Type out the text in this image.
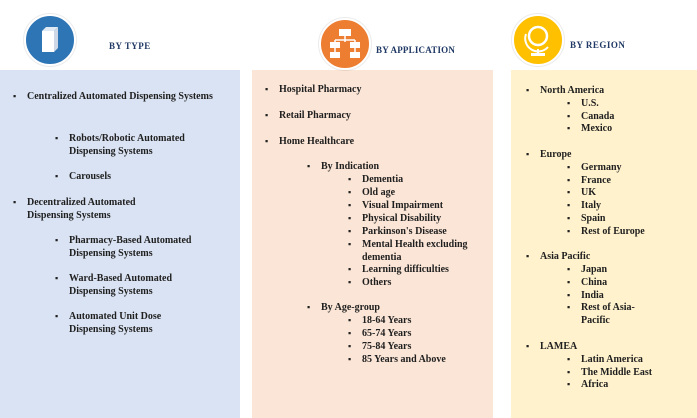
BY TYPE	BY APPLICATION	BY REGION
▪ Centralized Automated Dispensing Systems
▪ Robots/Robotic Automated Dispensing Systems
▪ Carousels
▪ Decentralized Automated Dispensing Systems
▪ Pharmacy-Based Automated Dispensing Systems
▪ Ward-Based Automated Dispensing Systems
▪ Automated Unit Dose Dispensing Systems
▪ Hospital Pharmacy
▪ Retail Pharmacy
▪ Home Healthcare
▪ By Indication
▪ Dementia
▪ Old age
▪ Visual Impairment
▪ Physical Disability
▪ Parkinson's Disease
▪ Mental Health excluding dementia
▪ Learning difficulties
▪ Others
▪ By Age-group
▪ 18-64 Years
▪ 65-74 Years
▪ 75-84 Years
▪ 85 Years and Above
▪ North America
▪ U.S.
▪ Canada
▪ Mexico
▪ Europe
▪ Germany
▪ France
▪ UK
▪ Italy
▪ Spain
▪ Rest of Europe
▪ Asia Pacific
▪ Japan
▪ China
▪ India
▪ Rest of Asia-Pacific
▪ LAMEA
▪ Latin America
▪ The Middle East
▪ Africa
